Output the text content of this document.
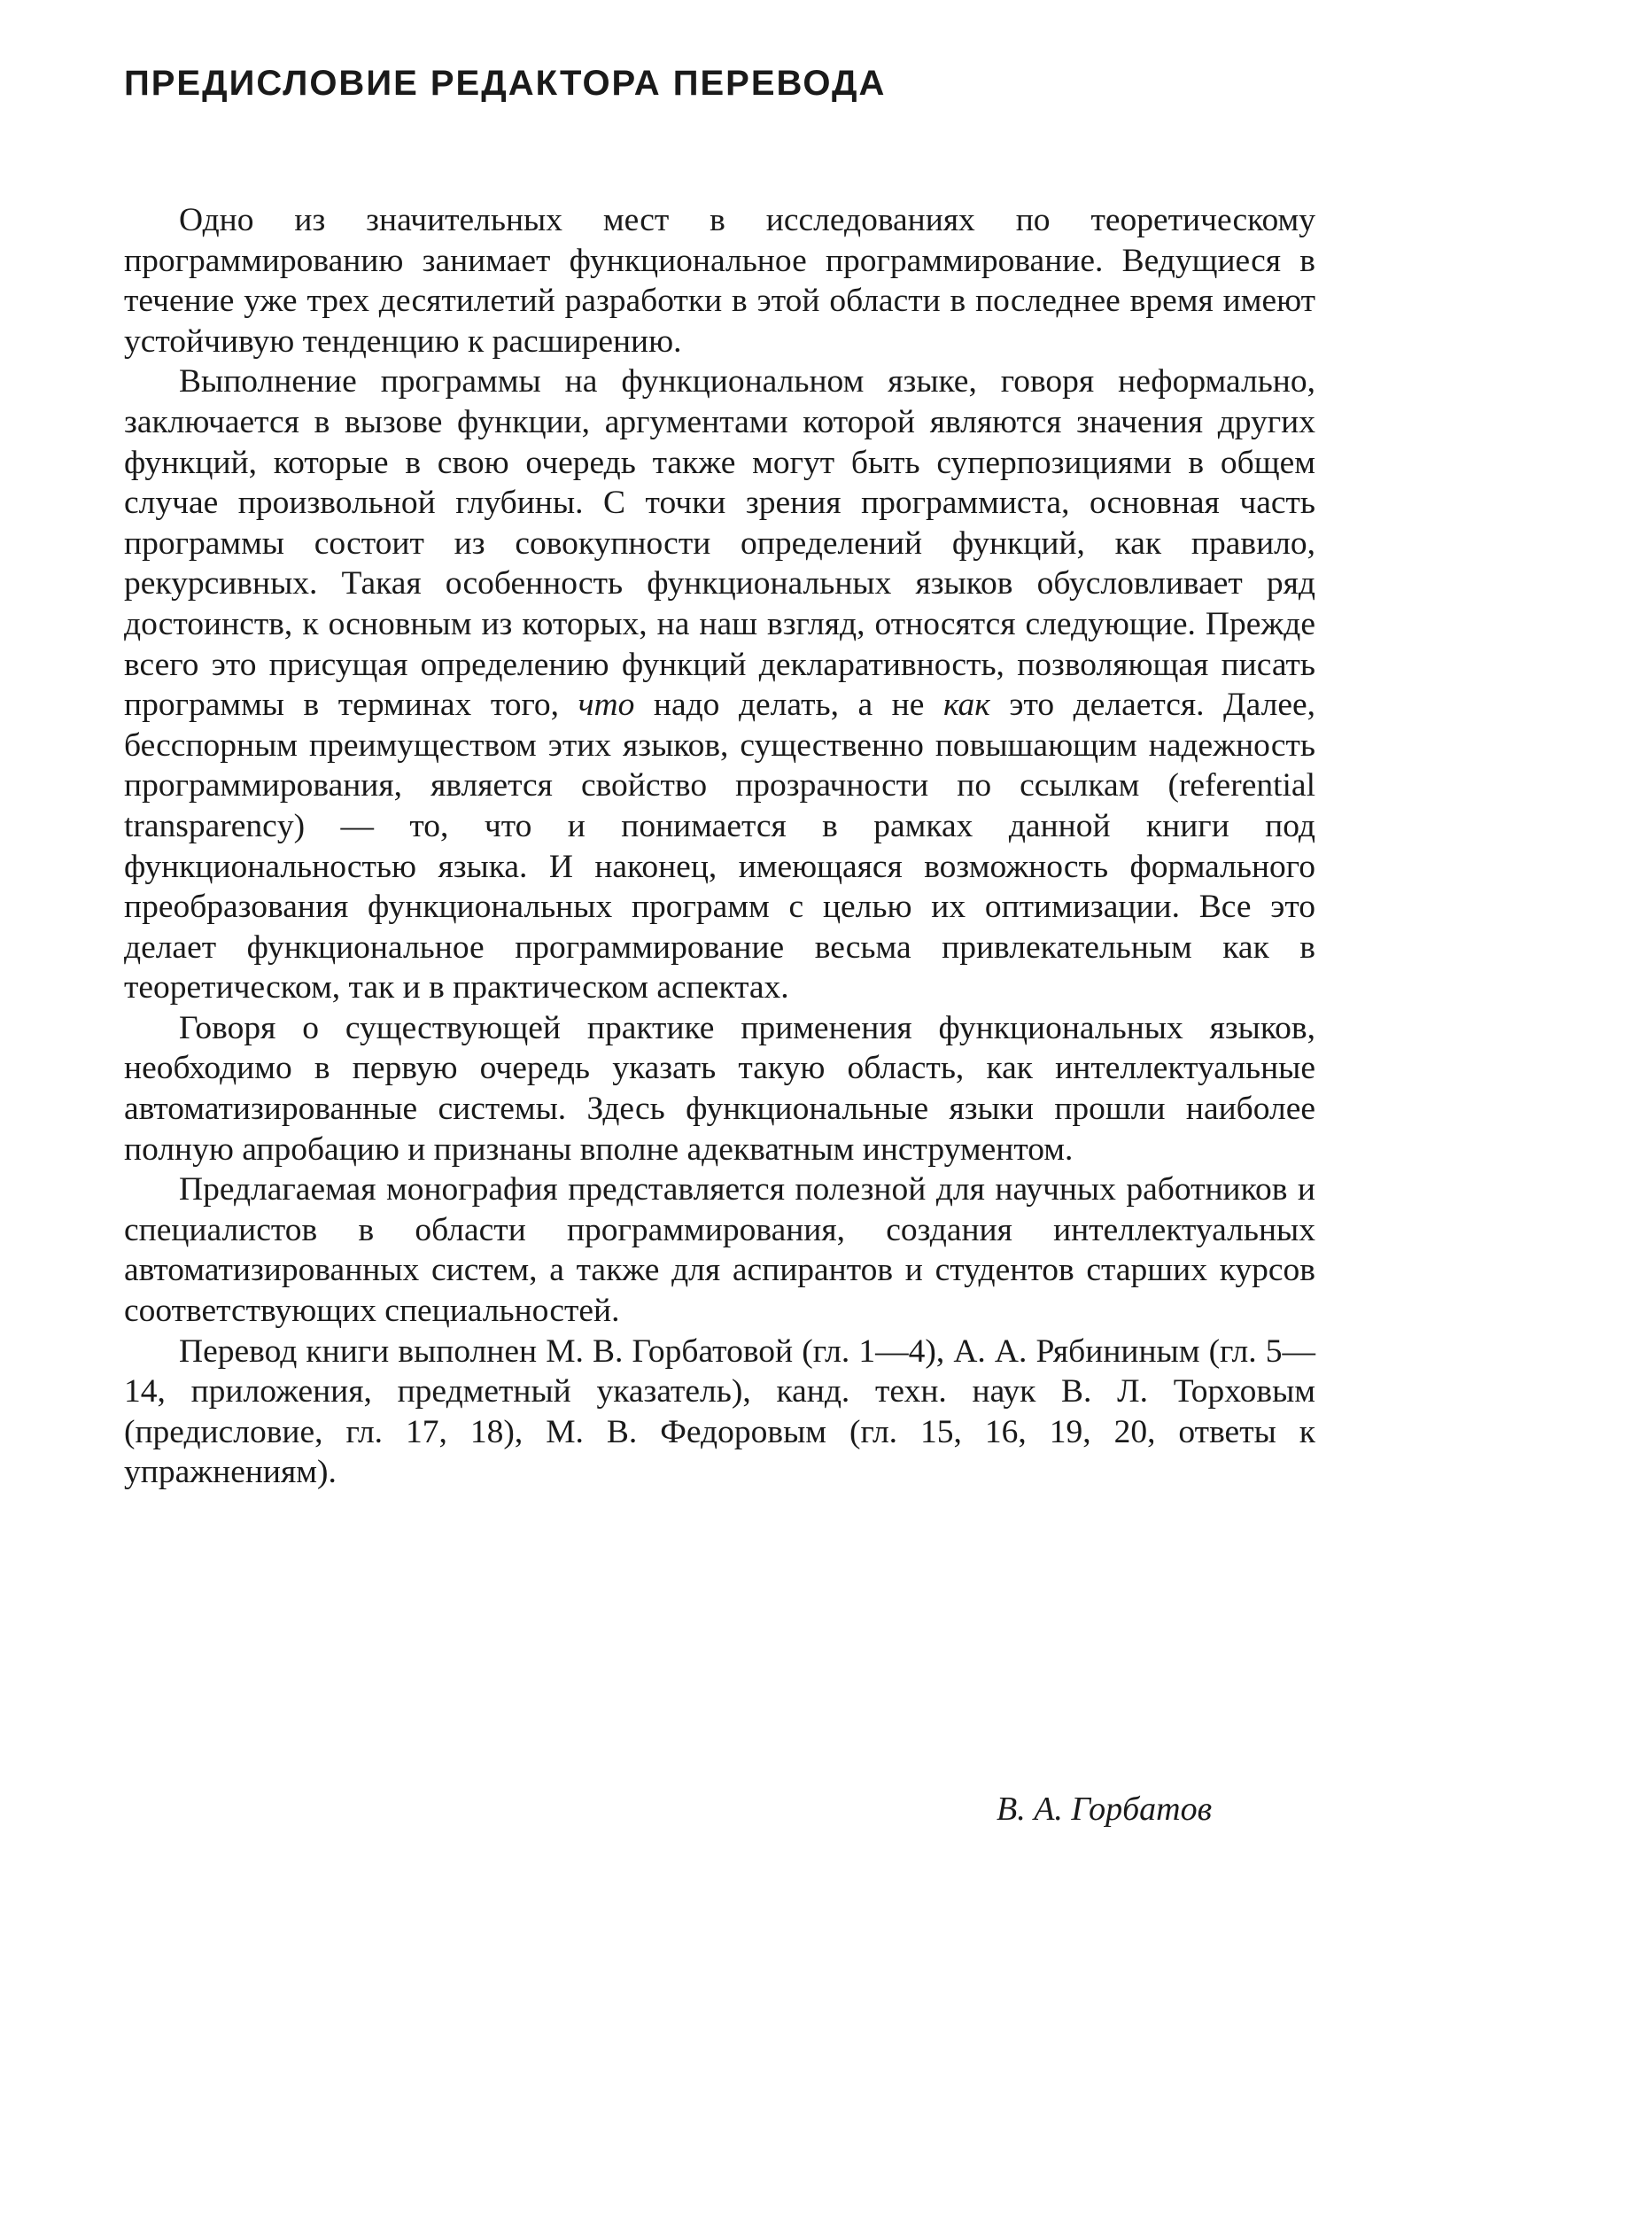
ПРЕДИСЛОВИЕ РЕДАКТОРА ПЕРЕВОДА

Одно из значительных мест в исследованиях по теоретическому программированию занимает функциональное программирование. Ведущиеся в течение уже трех десятилетий разработки в этой области в последнее время имеют устойчивую тенденцию к расширению.

Выполнение программы на функциональном языке, говоря неформально, заключается в вызове функции, аргументами которой являются значения других функций, которые в свою очередь также могут быть суперпозициями в общем случае произвольной глубины. С точки зрения программиста, основная часть программы состоит из совокупности определений функций, как правило, рекурсивных. Такая особенность функциональных языков обусловливает ряд достоинств, к основным из которых, на наш взгляд, относятся следующие. Прежде всего это присущая определению функций декларативность, позволяющая писать программы в терминах того, что надо делать, а не как это делается. Далее, бесспорным преимуществом этих языков, существенно повышающим надежность программирования, является свойство прозрачности по ссылкам (referential transparency) — то, что и понимается в рамках данной книги под функциональностью языка. И наконец, имеющаяся возможность формального преобразования функциональных программ с целью их оптимизации. Все это делает функциональное программирование весьма привлекательным как в теоретическом, так и в практическом аспектах.

Говоря о существующей практике применения функциональных языков, необходимо в первую очередь указать такую область, как интеллектуальные автоматизированные системы. Здесь функциональные языки прошли наиболее полную апробацию и признаны вполне адекватным инструментом.

Предлагаемая монография представляется полезной для научных работников и специалистов в области программирования, создания интеллектуальных автоматизированных систем, а также для аспирантов и студентов старших курсов соответствующих специальностей.

Перевод книги выполнен М. В. Горбатовой (гл. 1—4), А. А. Рябининым (гл. 5—14, приложения, предметный указатель), канд. техн. наук В. Л. Торховым (предисловие, гл. 17, 18), М. В. Федоровым (гл. 15, 16, 19, 20, ответы к упражнениям).

В. А. Горбатов
